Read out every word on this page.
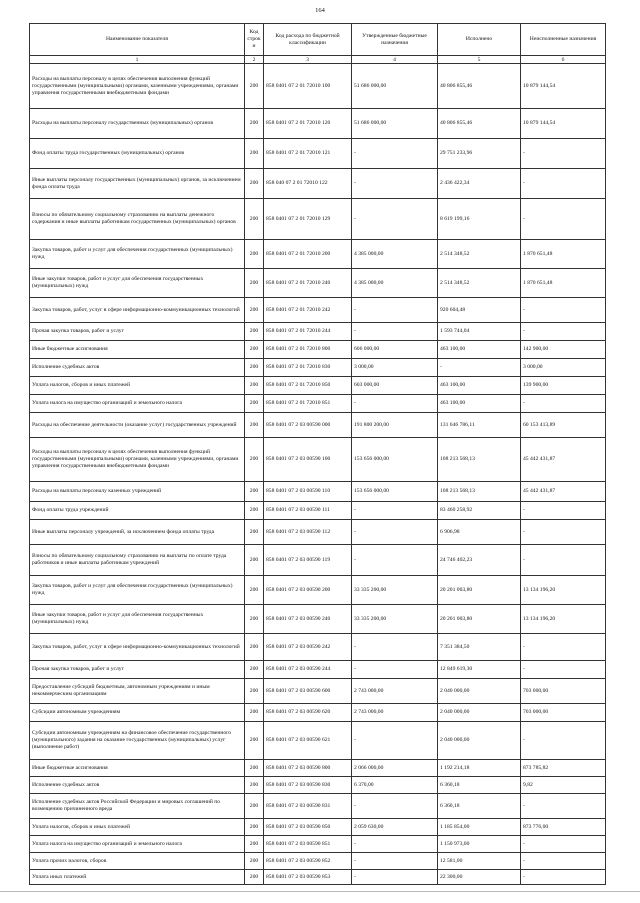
164
Наименование показателя	Код строки	Код расхода по бюджетной классификации	Утвержденные бюджетные назначения	Исполнено	Неисполненные назначения
1	2	3	4	5	6
Расходы на выплаты персоналу в целях обеспечения выполнения функций государственными (муниципальными) органами, казенными учреждениями, органами управления государственными внебюджетными фондами	200	858 0401 07 2 01 72010 100	51 686 000,00	40 806 855,46	10 879 144,54
Расходы на выплаты персоналу государственных (муниципальных) органов	200	858 0401 07 2 01 72010 120	51 686 000,00	40 806 855,46	10 879 144,54
Фонд оплаты труда государственных (муниципальных) органов	200	858 0401 07 2 01 72010 121	-	29 751 233,96	-
Иные выплаты персоналу государственных (муниципальных) органов, за исключением фонда оплаты труда	200	858 040 07 2 01 72010 122	-	2 436 422,34	-
Взносы по обязательному социальному страхованию на выплаты денежного содержания и иные выплаты работникам государственных (муниципальных) органов	200	858 0401 07 2 01 72010 129	-	8 619 199,16	-
Закупка товаров, работ и услуг для обеспечения государственных (муниципальных) нужд	200	858 0401 07 2 01 72010 200	4 385 000,00	2 514 348,52	1 870 651,48
Иные закупки товаров, работ и услуг для обеспечения государственных (муниципальных) нужд	200	858 0401 07 2 01 72010 240	4 385 000,00	2 514 348,52	1 870 651,48
Закупка товаров, работ, услуг в сфере информационно-коммуникационных технологий	200	858 0401 07 2 01 72010 242	-	920 604,48	-
Прочая закупка товаров, работ и услуг	200	858 0401 07 2 01 72010 244	-	1 593 744,04	-
Иные бюджетные ассигнования	200	858 0401 07 2 01 72010 800	606 000,00	463 100,00	142 900,00
Исполнение судебных актов	200	858 0401 07 2 01 72010 830	3 000,00	-	3 000,00
Уплата налогов, сборов и иных платежей	200	858 0401 07 2 01 72010 850	603 000,00	463 100,00	139 900,00
Уплата налога на имущество организаций и земельного налога	200	858 0401 07 2 01 72010 851	-	463 100,00	-
Расходы на обеспечение деятельности (оказание услуг) государственных учреждений	200	858 0401 07 2 03 00590 000	191 800 200,00	131 646 786,11	60 153 413,89
Расходы на выплаты персоналу в целях обеспечения выполнения функций государственными (муниципальными) органами, казенными учреждениями, органами управления государственными внебюджетными фондами	200	858 0401 07 2 03 00590 100	153 656 000,00	108 213 568,13	45 442 431,87
Расходы на выплаты персоналу казенных учреждений	200	858 0401 07 2 03 00590 110	153 656 000,00	108 213 568,13	45 442 431,87
Фонд оплаты труда учреждений	200	858 0401 07 2 03 00590 111	-	83 460 258,92	-
Иные выплаты персоналу учреждений, за исключением фонда оплаты труда	200	858 0401 07 2 03 00590 112	-	6 906,98	-
Взносы по обязательному социальному страхованию на выплаты по оплате труда работников и иные выплаты работникам учреждений	200	858 0401 07 2 03 00590 119	-	24 746 402,23	-
Закупка товаров, работ и услуг для обеспечения государственных (муниципальных) нужд	200	858 0401 07 2 03 00590 200	33 335 200,00	20 201 003,80	13 134 196,20
Иные закупки товаров, работ и услуг для обеспечения государственных (муниципальных) нужд	200	858 0401 07 2 03 00590 240	33 335 200,00	20 201 003,80	13 134 196,20
Закупка товаров, работ, услуг в сфере информационно-коммуникационных технологий	200	858 0401 07 2 03 00590 242	-	7 351 384,50	-
Прочая закупка товаров, работ и услуг	200	858 0401 07 2 03 00590 244	-	12 849 619,30	-
Предоставление субсидий бюджетным, автономным учреждениям и иным некоммерческим организациям	200	858 0401 07 2 03 00590 600	2 743 000,00	2 040 000,00	703 000,00
Субсидии автономным учреждениям	200	858 0401 07 2 03 00590 620	2 743 000,00	2 040 000,00	703 000,00
Субсидии автономным учреждениям на финансовое обеспечение государственного (муниципального) задания на оказание государственных (муниципальных) услуг (выполнение работ)	200	858 0401 07 2 03 00590 621	-	2 040 000,00	-
Иные бюджетные ассигнования	200	858 0401 07 2 03 00590 800	2 066 000,00	1 192 214,18	873 785,82
Исполнение судебных актов	200	858 0401 07 2 03 00590 830	6 370,00	6 360,18	9,82
Исполнение судебных актов Российской Федерации и мировых соглашений по возмещению причиненного вреда	200	858 0401 07 2 03 00590 831	-	6 360,18	-
Уплата налогов, сборов и иных платежей	200	858 0401 07 2 03 00590 850	2 059 630,00	1 185 854,00	873 776,00
Уплата налога на имущество организаций и земельного налога	200	858 0401 07 2 03 00590 851	-	1 150 973,00	-
Уплата прочих налогов, сборов	200	858 0401 07 2 03 00590 852	-	12 581,00	-
Уплата иных платежей	200	858 0401 07 2 03 00590 853	-	22 300,00	-
